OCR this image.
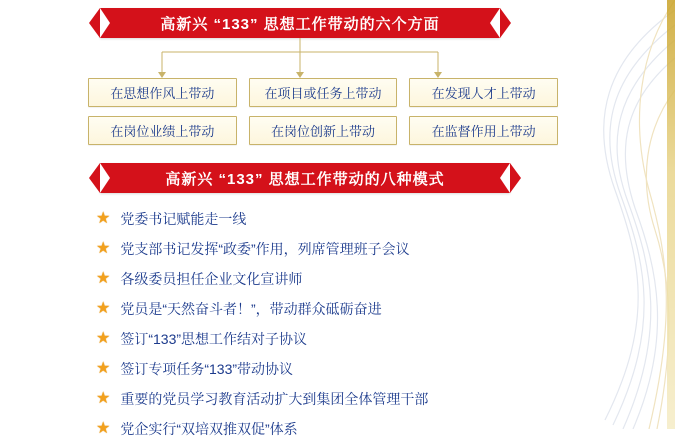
高新兴 “133” 思想工作带动的六个方面
在思想作风上带动	在项目或任务上带动	在发现人才上带动
在岗位业绩上带动	在岗位创新上带动	在监督作用上带动
高新兴 “133” 思想工作带动的八种模式
★ 党委书记赋能走一线
★ 党支部书记发挥“政委”作用，列席管理班子会议
★ 各级委员担任企业文化宣讲师
★ 党员是“天然奋斗者！”，带动群众砥砺奋进
★ 签订“133”思想工作结对子协议
★ 签订专项任务“133”带动协议
★ 重要的党员学习教育活动扩大到集团全体管理干部
★ 党企实行“双培双推双促”体系
